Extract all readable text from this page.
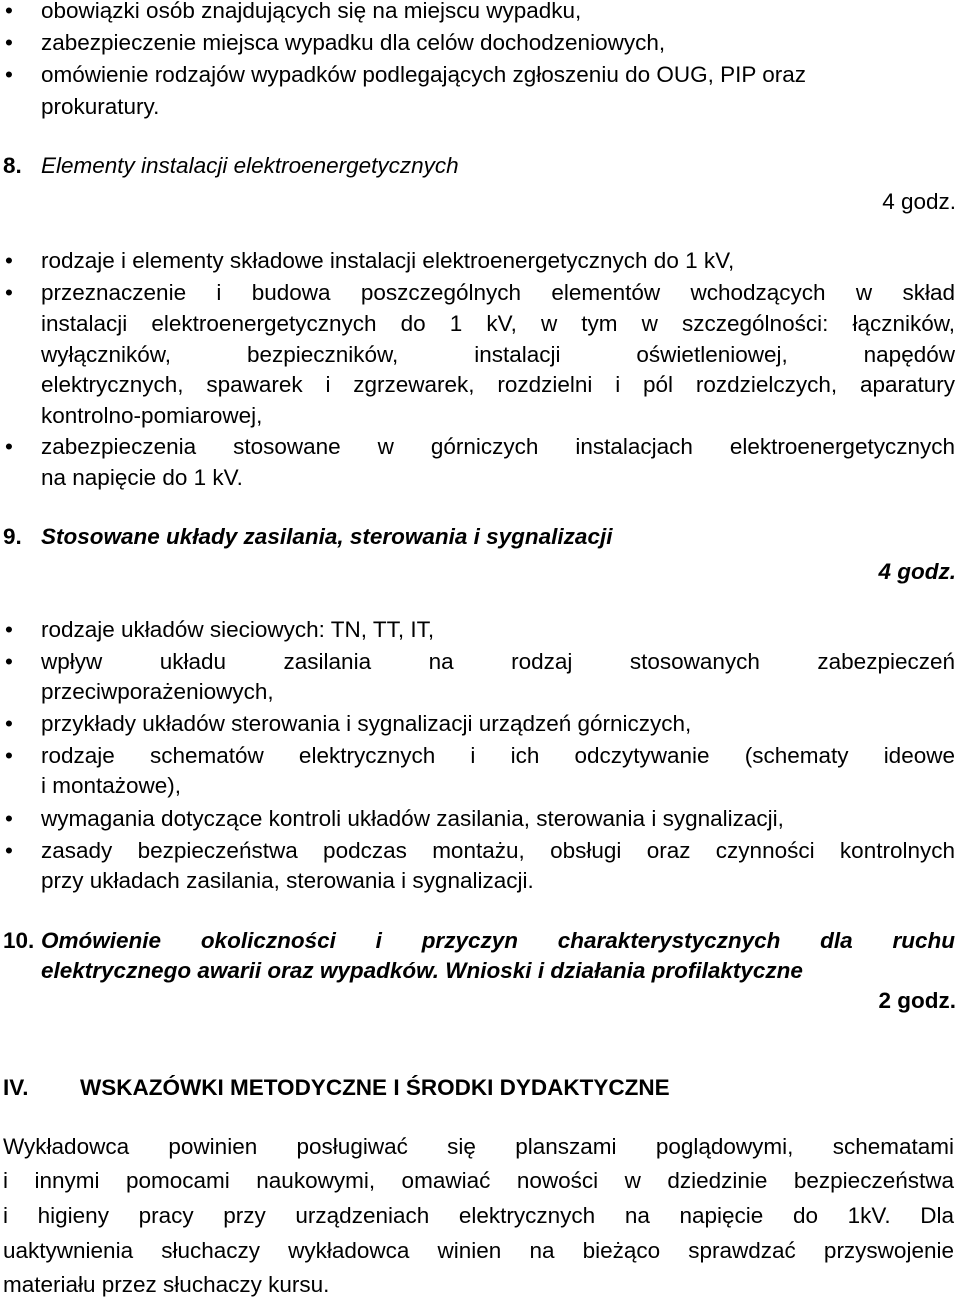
• obowiązki osób znajdujących się na miejscu wypadku,
• zabezpieczenie miejsca wypadku dla celów dochodzeniowych,
• omówienie rodzajów wypadków podlegających zgłoszeniu do OUG, PIP oraz
prokuratury.
8. Elementy instalacji elektroenergetycznych
4 godz.
• rodzaje i elementy składowe instalacji elektroenergetycznych do 1 kV,
• przeznaczenie i budowa poszczególnych elementów wchodzących w skład
instalacji elektroenergetycznych do 1 kV, w tym w szczególności: łączników,
wyłączników, bezpieczników, instalacji oświetleniowej, napędów
elektrycznych, spawarek i zgrzewarek, rozdzielni i pól rozdzielczych, aparatury
kontrolno-pomiarowej,
• zabezpieczenia stosowane w górniczych instalacjach elektroenergetycznych
na napięcie do 1 kV.
9. Stosowane układy zasilania, sterowania i sygnalizacji
4 godz.
• rodzaje układów sieciowych: TN, TT, IT,
• wpływ układu zasilania na rodzaj stosowanych zabezpieczeń
przeciwporażeniowych,
• przykłady układów sterowania i sygnalizacji urządzeń górniczych,
• rodzaje schematów elektrycznych i ich odczytywanie (schematy ideowe
i montażowe),
• wymagania dotyczące kontroli układów zasilania, sterowania i sygnalizacji,
• zasady bezpieczeństwa podczas montażu, obsługi oraz czynności kontrolnych
przy układach zasilania, sterowania i sygnalizacji.
10. Omówienie okoliczności i przyczyn charakterystycznych dla ruchu
elektrycznego awarii oraz wypadków. Wnioski i działania profilaktyczne
2 godz.
IV. WSKAZÓWKI METODYCZNE I ŚRODKI DYDAKTYCZNE
Wykładowca powinien posługiwać się planszami poglądowymi, schematami
i innymi pomocami naukowymi, omawiać nowości w dziedzinie bezpieczeństwa
i higieny pracy przy urządzeniach elektrycznych na napięcie do 1kV. Dla
uaktywnienia słuchaczy wykładowca winien na bieżąco sprawdzać przyswojenie
materiału przez słuchaczy kursu.
